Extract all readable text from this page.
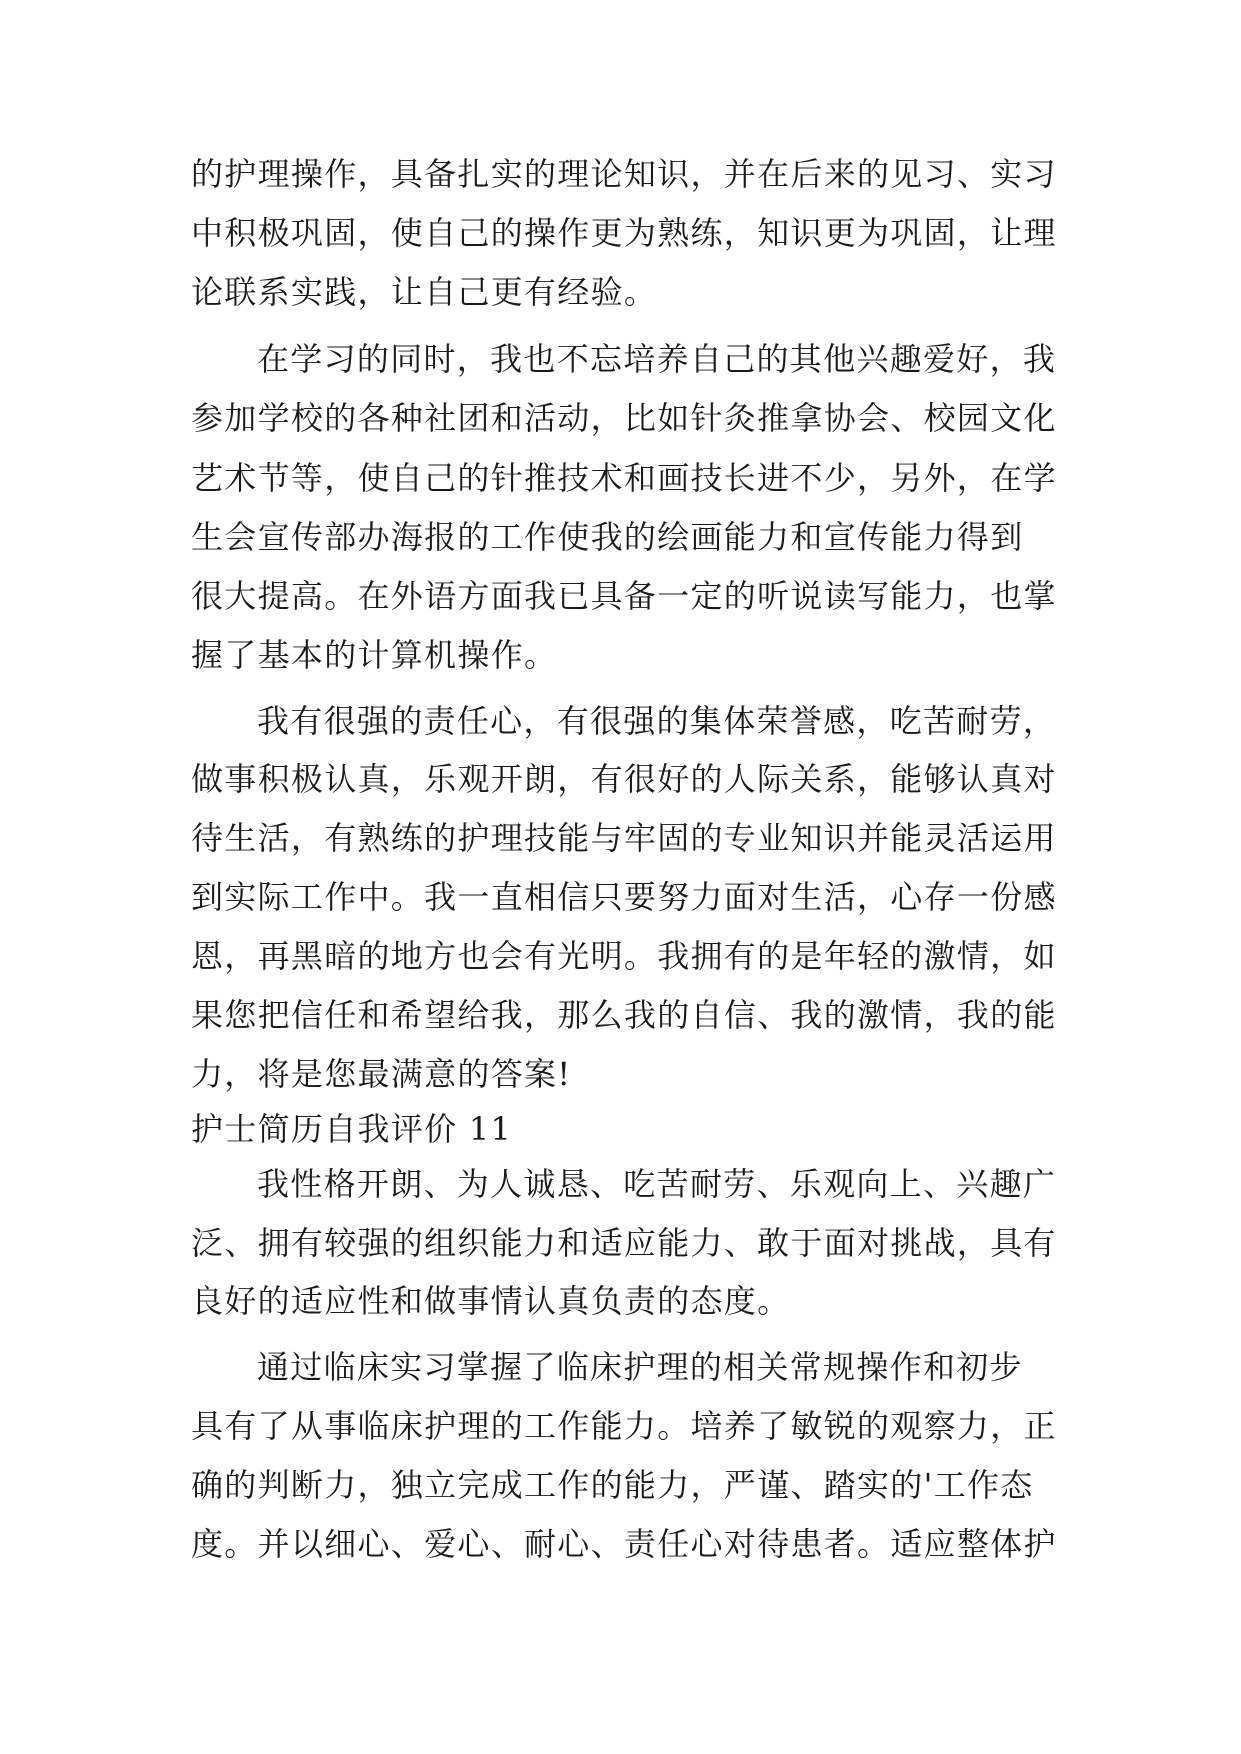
的护理操作，具备扎实的理论知识，并在后来的见习、实习
中积极巩固，使自己的操作更为熟练，知识更为巩固，让理
论联系实践，让自己更有经验。
在学习的同时，我也不忘培养自己的其他兴趣爱好，我
参加学校的各种社团和活动，比如针灸推拿协会、校园文化
艺术节等，使自己的针推技术和画技长进不少，另外，在学
生会宣传部办海报的工作使我的绘画能力和宣传能力得到
很大提高。在外语方面我已具备一定的听说读写能力，也掌
握了基本的计算机操作。
我有很强的责任心，有很强的集体荣誉感，吃苦耐劳，
做事积极认真，乐观开朗，有很好的人际关系，能够认真对
待生活，有熟练的护理技能与牢固的专业知识并能灵活运用
到实际工作中。我一直相信只要努力面对生活，心存一份感
恩，再黑暗的地方也会有光明。我拥有的是年轻的激情，如
果您把信任和希望给我，那么我的自信、我的激情，我的能
力，将是您最满意的答案!
护士简历自我评价 11
我性格开朗、为人诚恳、吃苦耐劳、乐观向上、兴趣广
泛、拥有较强的组织能力和适应能力、敢于面对挑战，具有
良好的适应性和做事情认真负责的态度。
通过临床实习掌握了临床护理的相关常规操作和初步
具有了从事临床护理的工作能力。培养了敏锐的观察力，正
确的判断力，独立完成工作的能力，严谨、踏实的'工作态
度。并以细心、爱心、耐心、责任心对待患者。适应整体护
